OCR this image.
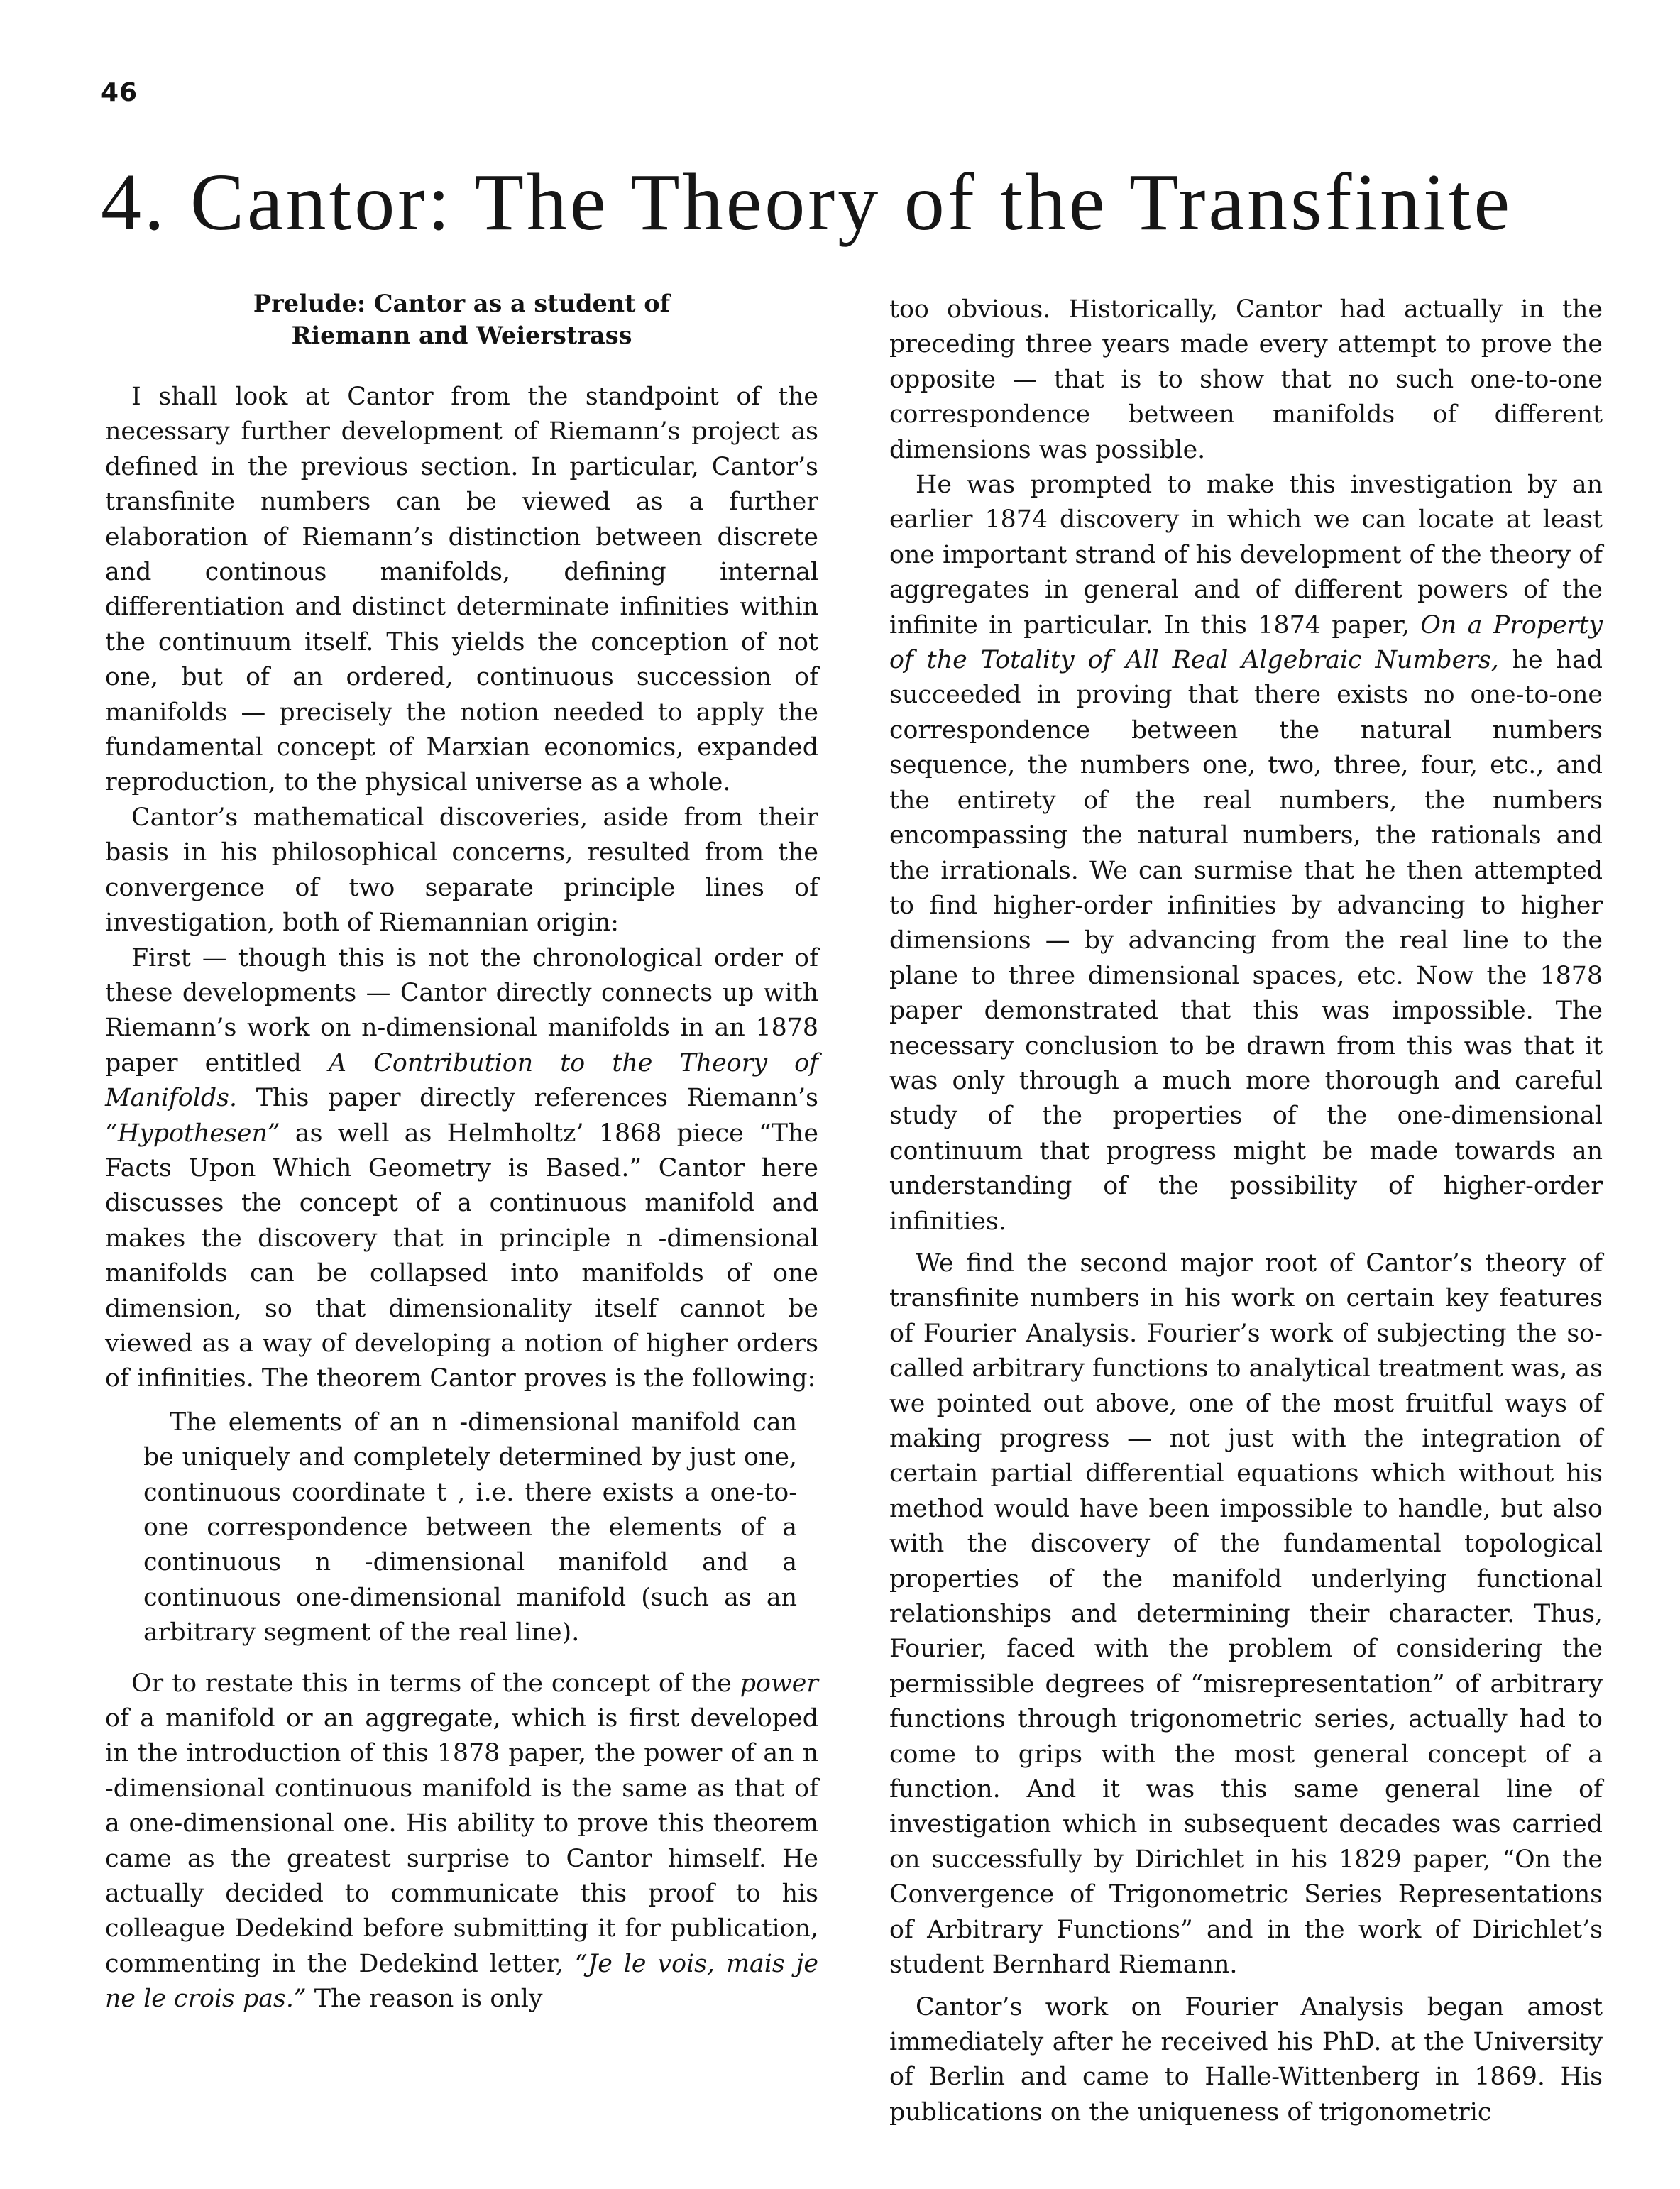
46
4. Cantor: The Theory of the Transfinite
Prelude: Cantor as a student of
Riemann and Weierstrass

I shall look at Cantor from the standpoint of the necessary further development of Riemann’s project as defined in the previous section. In particular, Cantor’s transfinite numbers can be viewed as a further elaboration of Riemann’s distinction between discrete and continous manifolds, defining internal differentiation and distinct determinate infinities within the continuum itself. This yields the conception of not one, but of an ordered, continuous succession of manifolds — precisely the notion needed to apply the fundamental concept of Marxian economics, expanded reproduction, to the physical universe as a whole.

Cantor’s mathematical discoveries, aside from their basis in his philosophical concerns, resulted from the convergence of two separate principle lines of investigation, both of Riemannian origin:

First — though this is not the chronological order of these developments — Cantor directly connects up with Riemann’s work on n-dimensional manifolds in an 1878 paper entitled A Contribution to the Theory of Manifolds. This paper directly references Riemann’s “Hypothesen” as well as Helmholtz’ 1868 piece “The Facts Upon Which Geometry is Based.” Cantor here discusses the concept of a continuous manifold and makes the discovery that in principle n -dimensional manifolds can be collapsed into manifolds of one dimension, so that dimensionality itself cannot be viewed as a way of developing a notion of higher orders of infinities. The theorem Cantor proves is the following:

The elements of an n -dimensional manifold can be uniquely and completely determined by just one, continuous coordinate t , i.e. there exists a one-to-one correspondence between the elements of a continuous n -dimensional manifold and a continuous one-dimensional manifold (such as an arbitrary segment of the real line).

Or to restate this in terms of the concept of the power of a manifold or an aggregate, which is first developed in the introduction of this 1878 paper, the power of an n -dimensional continuous manifold is the same as that of a one-dimensional one. His ability to prove this theorem came as the greatest surprise to Cantor himself. He actually decided to communicate this proof to his colleague Dedekind before submitting it for publication, commenting in the Dedekind letter, “Je le vois, mais je ne le crois pas.” The reason is only

too obvious. Historically, Cantor had actually in the preceding three years made every attempt to prove the opposite — that is to show that no such one-to-one correspondence between manifolds of different dimensions was possible.

He was prompted to make this investigation by an earlier 1874 discovery in which we can locate at least one important strand of his development of the theory of aggregates in general and of different powers of the infinite in particular. In this 1874 paper, On a Property of the Totality of All Real Algebraic Numbers, he had succeeded in proving that there exists no one-to-one correspondence between the natural numbers sequence, the numbers one, two, three, four, etc., and the entirety of the real numbers, the numbers encompassing the natural numbers, the rationals and the irrationals. We can surmise that he then attempted to find higher-order infinities by advancing to higher dimensions — by advancing from the real line to the plane to three dimensional spaces, etc. Now the 1878 paper demonstrated that this was impossible. The necessary conclusion to be drawn from this was that it was only through a much more thorough and careful study of the properties of the one-dimensional continuum that progress might be made towards an understanding of the possibility of higher-order infinities.

We find the second major root of Cantor’s theory of transfinite numbers in his work on certain key features of Fourier Analysis. Fourier’s work of subjecting the so-called arbitrary functions to analytical treatment was, as we pointed out above, one of the most fruitful ways of making progress — not just with the integration of certain partial differential equations which without his method would have been impossible to handle, but also with the discovery of the fundamental topological properties of the manifold underlying functional relationships and determining their character. Thus, Fourier, faced with the problem of considering the permissible degrees of “misrepresentation” of arbitrary functions through trigonometric series, actually had to come to grips with the most general concept of a function. And it was this same general line of investigation which in subsequent decades was carried on successfully by Dirichlet in his 1829 paper, “On the Convergence of Trigonometric Series Representations of Arbitrary Functions” and in the work of Dirichlet’s student Bernhard Riemann.

Cantor’s work on Fourier Analysis began amost immediately after he received his PhD. at the University of Berlin and came to Halle-Wittenberg in 1869. His publications on the uniqueness of trigonometric
